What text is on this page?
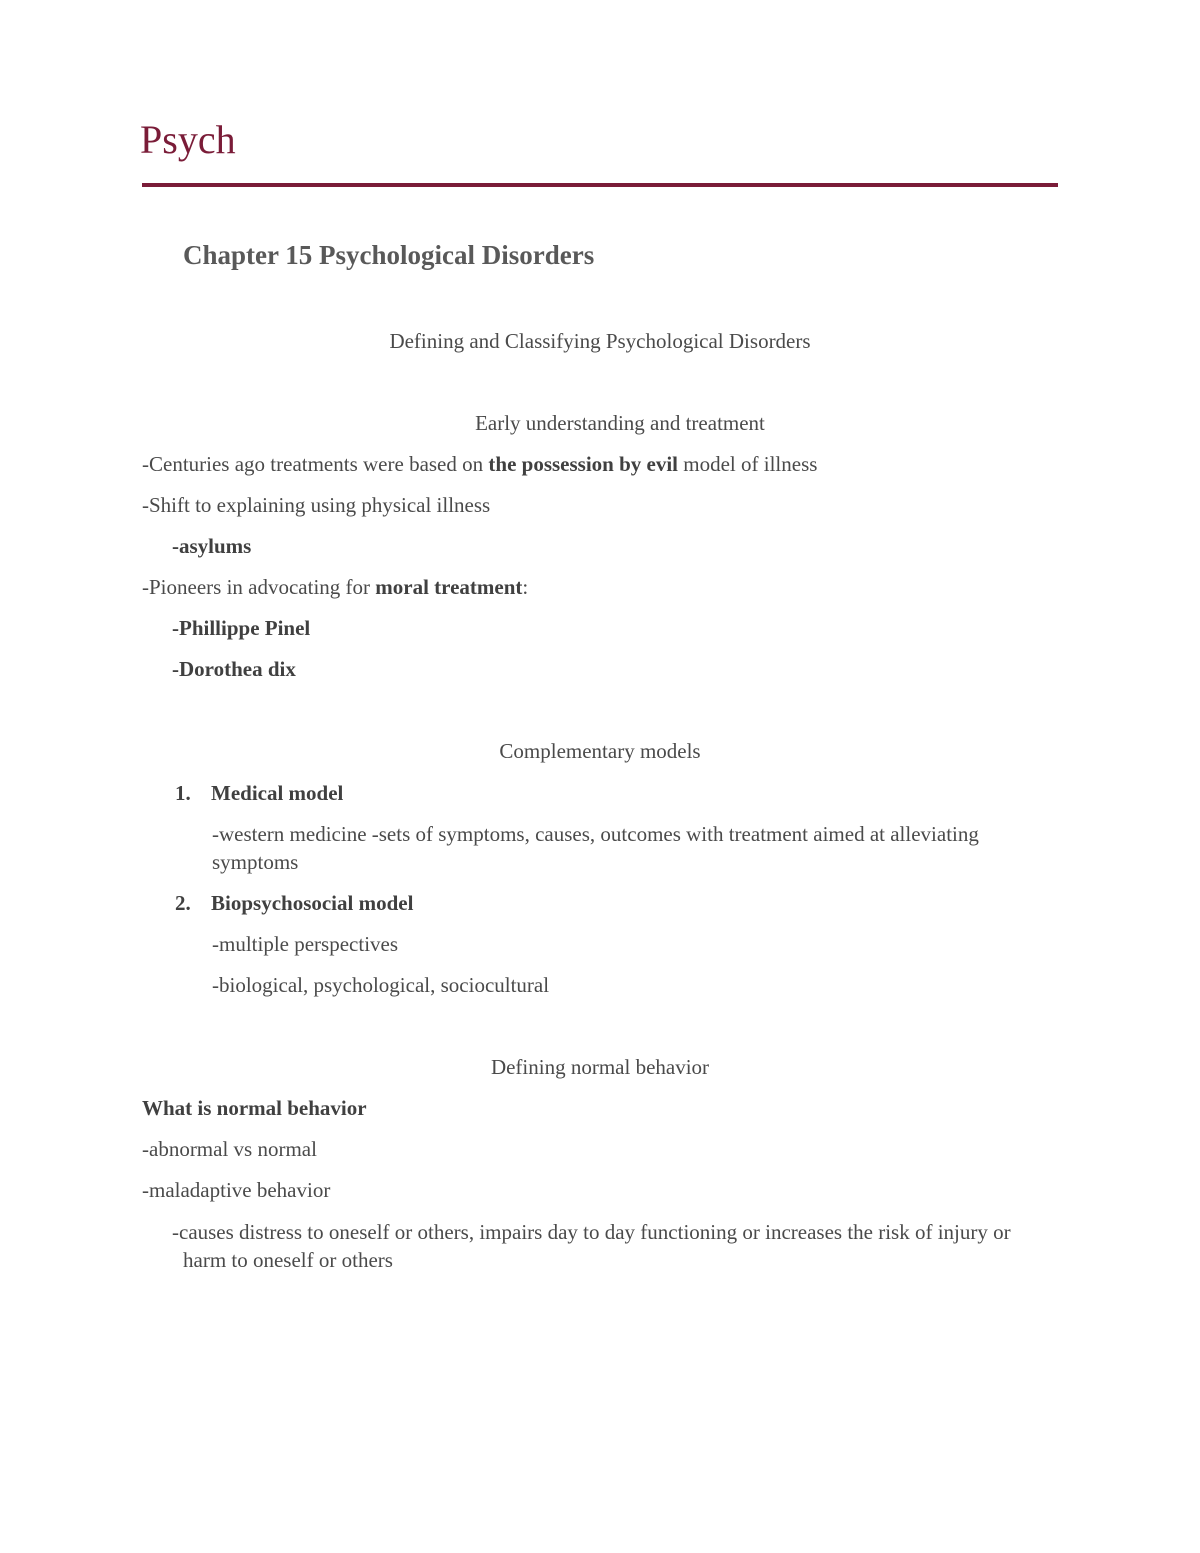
Psych
Chapter 15 Psychological Disorders
Defining and Classifying Psychological Disorders
Early understanding and treatment
-Centuries ago treatments were based on the possession by evil model of illness
-Shift to explaining using physical illness
-asylums
-Pioneers in advocating for moral treatment:
-Phillippe Pinel
-Dorothea dix
Complementary models
1. Medical model
-western medicine -sets of symptoms, causes, outcomes with treatment aimed at alleviating symptoms
2. Biopsychosocial model
-multiple perspectives
-biological, psychological, sociocultural
Defining normal behavior
What is normal behavior
-abnormal vs normal
-maladaptive behavior
-causes distress to oneself or others, impairs day to day functioning or increases the risk of injury or harm to oneself or others
